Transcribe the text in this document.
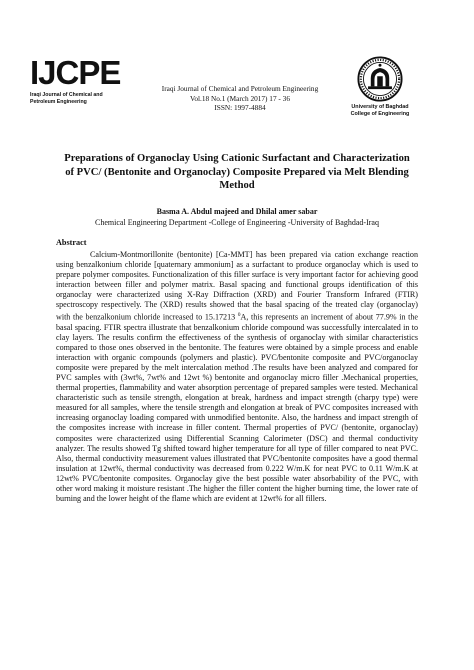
IJCPE
Iraqi Journal of Chemical and
Petroleum Engineering
Iraqi Journal of Chemical and Petroleum Engineering
Vol.18 No.1 (March 2017) 17 - 36
ISSN: 1997-4884	University of Baghdad
College of Engineering
Preparations of Organoclay Using Cationic Surfactant and Characterization of PVC/ (Bentonite and Organoclay) Composite Prepared via Melt Blending Method
Basma A. Abdul majeed and Dhilal amer sabar
Chemical Engineering Department -College of Engineering -University of Baghdad-Iraq
Abstract

Calcium-Montmorillonite (bentonite) [Ca-MMT] has been prepared via cation exchange reaction using benzalkonium chloride [quaternary ammonium] as a surfactant to produce organoclay which is used to prepare polymer composites. Functionalization of this filler surface is very important factor for achieving good interaction between filler and polymer matrix. Basal spacing and functional groups identification of this organoclay were characterized using X-Ray Diffraction (XRD) and Fourier Transform Infrared (FTIR) spectroscopy respectively. The (XRD) results showed that the basal spacing of the treated clay (organoclay) with the benzalkonium chloride increased to 15.17213 $^0$A, this represents an increment of about 77.9% in the basal spacing. FTIR spectra illustrate that benzalkonium chloride compound was successfully intercalated in to clay layers. The results confirm the effectiveness of the synthesis of organoclay with similar characteristics compared to those ones observed in the bentonite. The features were obtained by a simple process and enable interaction with organic compounds (polymers and plastic). PVC/bentonite composite and PVC/organoclay composite were prepared by the melt intercalation method .The results have been analyzed and compared for PVC samples with (3wt%, 7wt% and 12wt %) bentonite and organoclay micro filler .Mechanical properties, thermal properties, flammability and water absorption percentage of prepared samples were tested. Mechanical characteristic such as tensile strength, elongation at break, hardness and impact strength (charpy type) were measured for all samples, where the tensile strength and elongation at break of PVC composites increased with increasing organoclay loading compared with unmodified bentonite. Also, the hardness and impact strength of the composites increase with increase in filler content. Thermal properties of PVC/ (bentonite, organoclay) composites were characterized using Differential Scanning Calorimeter (DSC) and thermal conductivity analyzer. The results showed Tg shifted toward higher temperature for all type of filler compared to neat PVC. Also, thermal conductivity measurement values illustrated that PVC/bentonite composites have a good thermal insulation at 12wt%, thermal conductivity was decreased from 0.222 W/m.K for neat PVC to 0.11 W/m.K at 12wt% PVC/bentonite composites. Organoclay give the best possible water absorbability of the PVC, with other word making it moisture resistant .The higher the filler content the higher burning time, the lower rate of burning and the lower height of the flame which are evident at 12wt% for all fillers.
